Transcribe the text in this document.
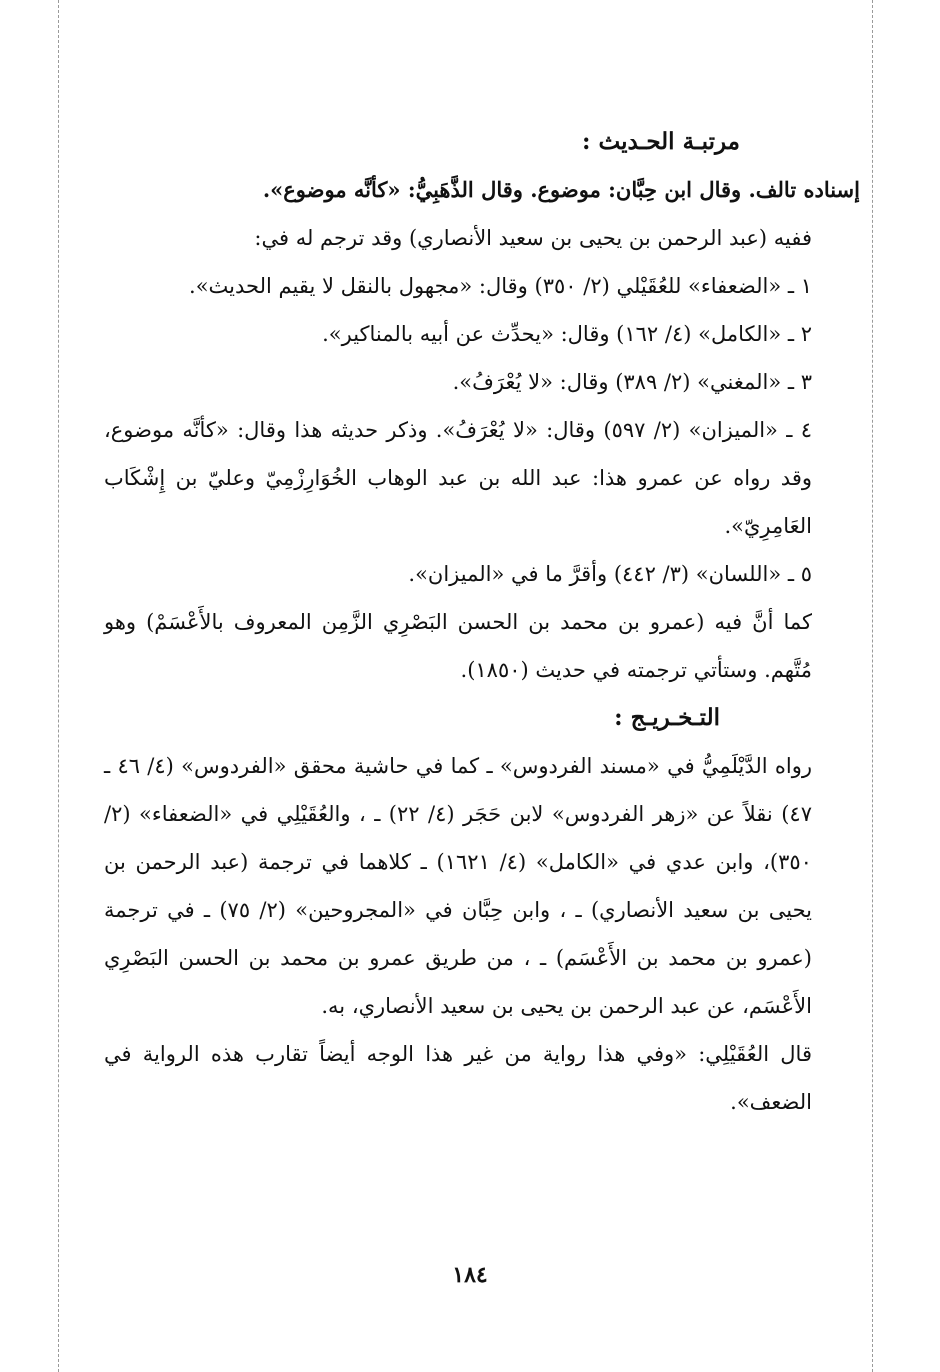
مرتبـة الحـديث :

إسناده تالف. وقال ابن حِبَّان: موضوع. وقال الذَّهَبِيُّ: «كأنَّه موضوع».

ففيه (عبد الرحمن بن يحيى بن سعيد الأنصاري) وقد ترجم له في:

١ ـ «الضعفاء» للعُقَيْلي (٢/ ٣٥٠) وقال: «مجهول بالنقل لا يقيم الحديث».

٢ ـ «الكامل» (٤/ ١٦٢) وقال: «يحدِّث عن أبيه بالمناكير».

٣ ـ «المغني» (٢/ ٣٨٩) وقال: «لا يُعْرَفُ».

٤ ـ «الميزان» (٢/ ٥٩٧) وقال: «لا يُعْرَفُ». وذكر حديثه هذا وقال: «كأنَّه موضوع، وقد رواه عن عمرو هذا: عبد الله بن عبد الوهاب الخُوَارِزْمِيّ وعليّ بن إِشْكَاب العَامِرِيّ».

٥ ـ «اللسان» (٣/ ٤٤٢) وأقرَّ ما في «الميزان».

كما أنَّ فيه (عمرو بن محمد بن الحسن البَصْرِي الزَّمِن المعروف بالأَعْسَمْ) وهو مُتَّهم. وستأتي ترجمته في حديث (١٨٥٠).

التـخـريـج :

رواه الدَّيْلَمِيُّ في «مسند الفردوس» ـ كما في حاشية محقق «الفردوس» (٤/ ٤٦ ـ ٤٧) نقلاً عن «زهر الفردوس» لابن حَجَر (٤/ ٢٢) ـ ، والعُقَيْلِي في «الضعفاء» (٢/ ٣٥٠)، وابن عدي في «الكامل» (٤/ ١٦٢١) ـ كلاهما في ترجمة (عبد الرحمن بن يحيى بن سعيد الأنصاري) ـ ، وابن حِبَّان في «المجروحين» (٢/ ٧٥) ـ في ترجمة (عمرو بن محمد بن الأَعْسَم) ـ ، من طريق عمرو بن محمد بن الحسن البَصْرِي الأَعْسَم، عن عبد الرحمن بن يحيى بن سعيد الأنصاري، به.

قال العُقَيْلِي: «وفي هذا رواية من غير هذا الوجه أيضاً تقارب هذه الرواية في الضعف».

١٨٤
